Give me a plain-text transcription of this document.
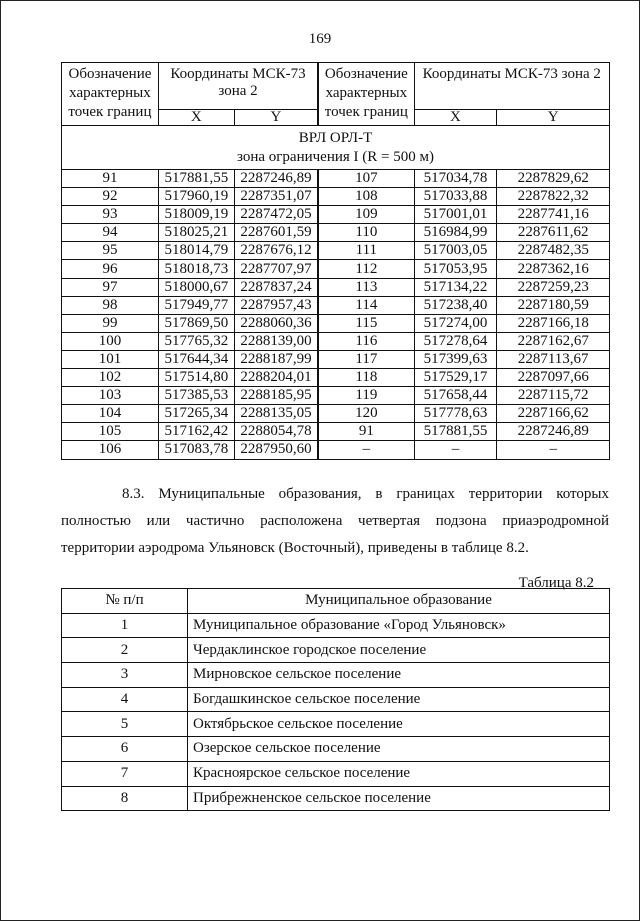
169
Обозначение характерных точек границ	Координаты МСК-73 зона 2		Обозначение характерных точек границ	Координаты МСК-73 зона 2	
	X	Y		X	Y
ВРЛ ОРЛ-Т
зона ограничения I (R = 500 м)					
91	517881,55	2287246,89	107	517034,78	2287829,62
92	517960,19	2287351,07	108	517033,88	2287822,32
93	518009,19	2287472,05	109	517001,01	2287741,16
94	518025,21	2287601,59	110	516984,99	2287611,62
95	518014,79	2287676,12	111	517003,05	2287482,35
96	518018,73	2287707,97	112	517053,95	2287362,16
97	518000,67	2287837,24	113	517134,22	2287259,23
98	517949,77	2287957,43	114	517238,40	2287180,59
99	517869,50	2288060,36	115	517274,00	2287166,18
100	517765,32	2288139,00	116	517278,64	2287162,67
101	517644,34	2288187,99	117	517399,63	2287113,67
102	517514,80	2288204,01	118	517529,17	2287097,66
103	517385,53	2288185,95	119	517658,44	2287115,72
104	517265,34	2288135,05	120	517778,63	2287166,62
105	517162,42	2288054,78	91	517881,55	2287246,89
106	517083,78	2287950,60	–	–	–
8.3. Муниципальные образования, в границах территории которых
полностью или частично расположена четвертая подзона приаэродромной
территории аэродрома Ульяновск (Восточный), приведены в таблице 8.2.
Таблица 8.2
№ п/п	Муниципальное образование
1	Муниципальное образование «Город Ульяновск»
2	Чердаклинское городское поселение
3	Мирновское сельское поселение
4	Богдашкинское сельское поселение
5	Октябрьское сельское поселение
6	Озерское сельское поселение
7	Красноярское сельское поселение
8	Прибрежненское сельское поселение
